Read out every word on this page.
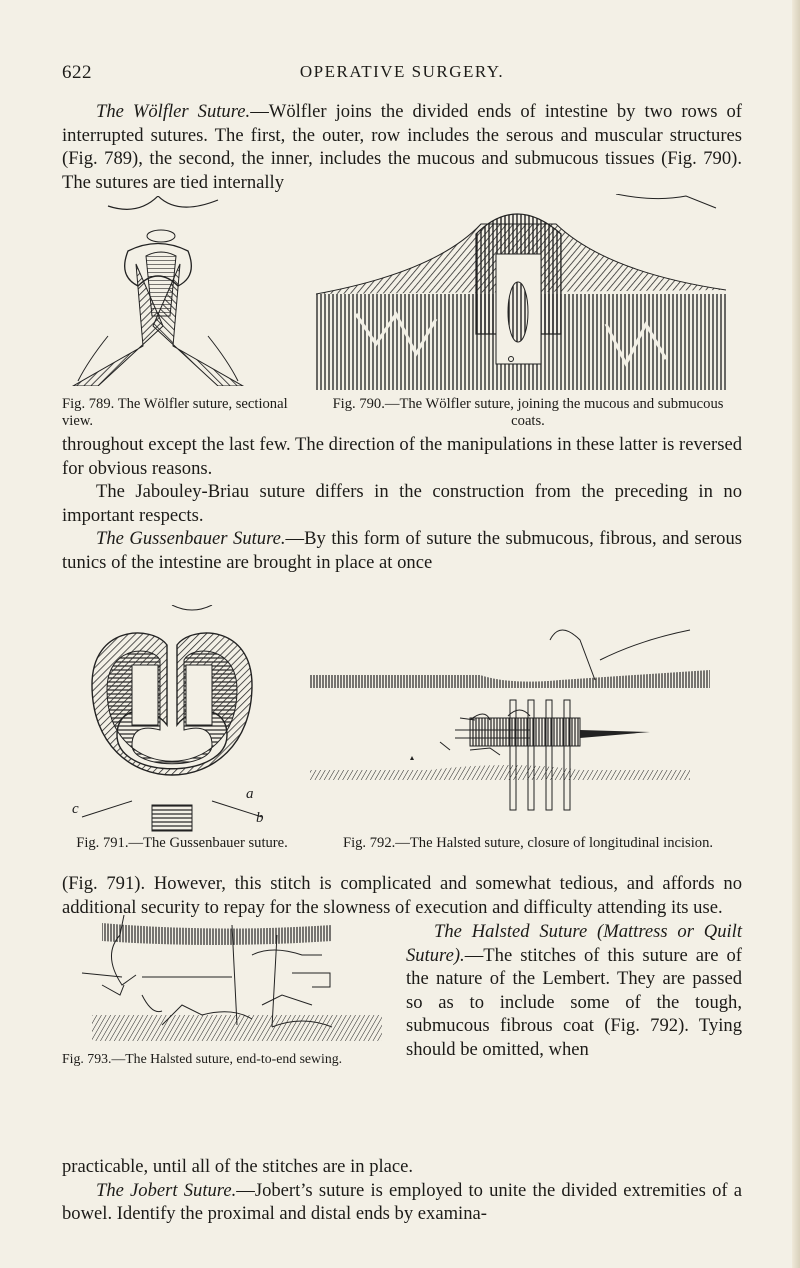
622	OPERATIVE SURGERY.

The Wölfler Suture.—Wölfler joins the divided ends of intestine by two rows of interrupted sutures. The first, the outer, row includes the serous and muscular structures (Fig. 789), the second, the inner, includes the mucous and submucous tissues (Fig. 790). The sutures are tied internally

Fig. 789. The Wölfler suture, sectional view.

Fig. 790.—The Wölfler suture, joining the mucous and submucous coats.

throughout except the last few. The direction of the manipulations in these latter is reversed for obvious reasons.

The Jabouley-Briau suture differs in the construction from the preceding in no important respects.

The Gussenbauer Suture.—By this form of suture the submucous, fibrous, and serous tunics of the intestine are brought in place at once

a
b
c

Fig. 791.—The Gussenbauer suture.	Fig. 792.—The Halsted suture, closure of longitudinal incision.

(Fig. 791). However, this stitch is complicated and somewhat tedious, and affords no additional security to repay for the slowness of execution and difficulty attending its use.

Fig. 793.—The Halsted suture, end-to-end sewing.

The Halsted Suture (Mattress or Quilt Suture).—The stitches of this suture are of the nature of the Lembert. They are passed so as to include some of the tough, submucous fibrous coat (Fig. 792). Tying should be omitted, when

practicable, until all of the stitches are in place.

The Jobert Suture.—Jobert’s suture is employed to unite the divided extremities of a bowel. Identify the proximal and distal ends by examina-
